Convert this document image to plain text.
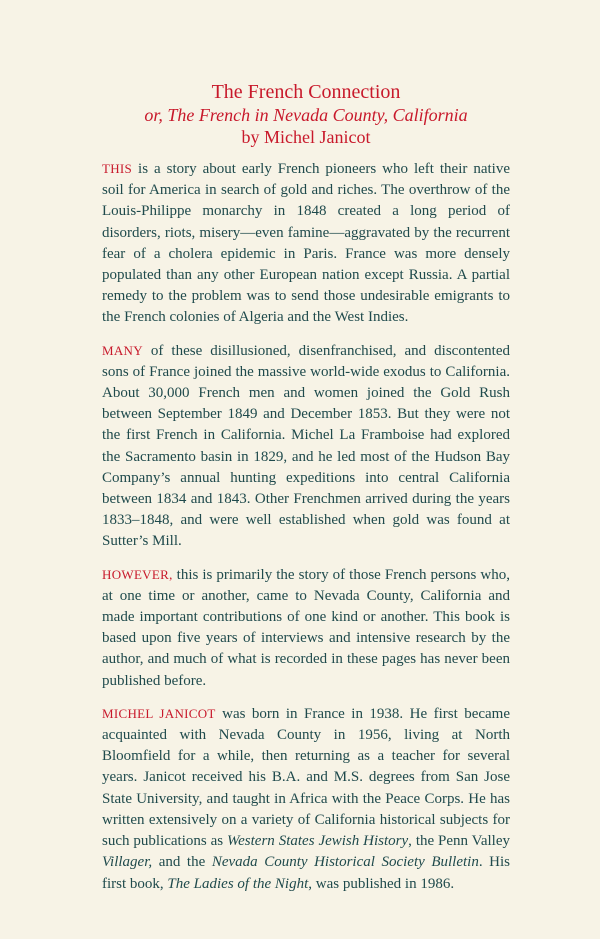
The French Connection

or, The French in Nevada County, California

by Michel Janicot

THIS is a story about early French pioneers who left their native soil for America in search of gold and riches. The overthrow of the Louis-Philippe monarchy in 1848 created a long period of disorders, riots, misery—even famine—aggravated by the recurrent fear of a cholera epidemic in Paris. France was more densely populated than any other European nation except Russia. A partial remedy to the problem was to send those undesirable emigrants to the French colonies of Algeria and the West Indies.

MANY of these disillusioned, disenfranchised, and discontented sons of France joined the massive world-wide exodus to California. About 30,000 French men and women joined the Gold Rush between September 1849 and December 1853. But they were not the first French in California. Michel La Framboise had explored the Sacramento basin in 1829, and he led most of the Hudson Bay Company’s annual hunting expeditions into central California between 1834 and 1843. Other Frenchmen arrived during the years 1833–1848, and were well established when gold was found at Sutter’s Mill.

HOWEVER, this is primarily the story of those French persons who, at one time or another, came to Nevada County, California and made important contributions of one kind or another. This book is based upon five years of interviews and intensive research by the author, and much of what is recorded in these pages has never been published before.

MICHEL JANICOT was born in France in 1938. He first became acquainted with Nevada County in 1956, living at North Bloomfield for a while, then returning as a teacher for several years. Janicot received his B.A. and M.S. degrees from San Jose State University, and taught in Africa with the Peace Corps. He has written extensively on a variety of California historical subjects for such publications as Western States Jewish History, the Penn Valley Villager, and the Nevada County Historical Society Bulletin. His first book, The Ladies of the Night, was published in 1986.
